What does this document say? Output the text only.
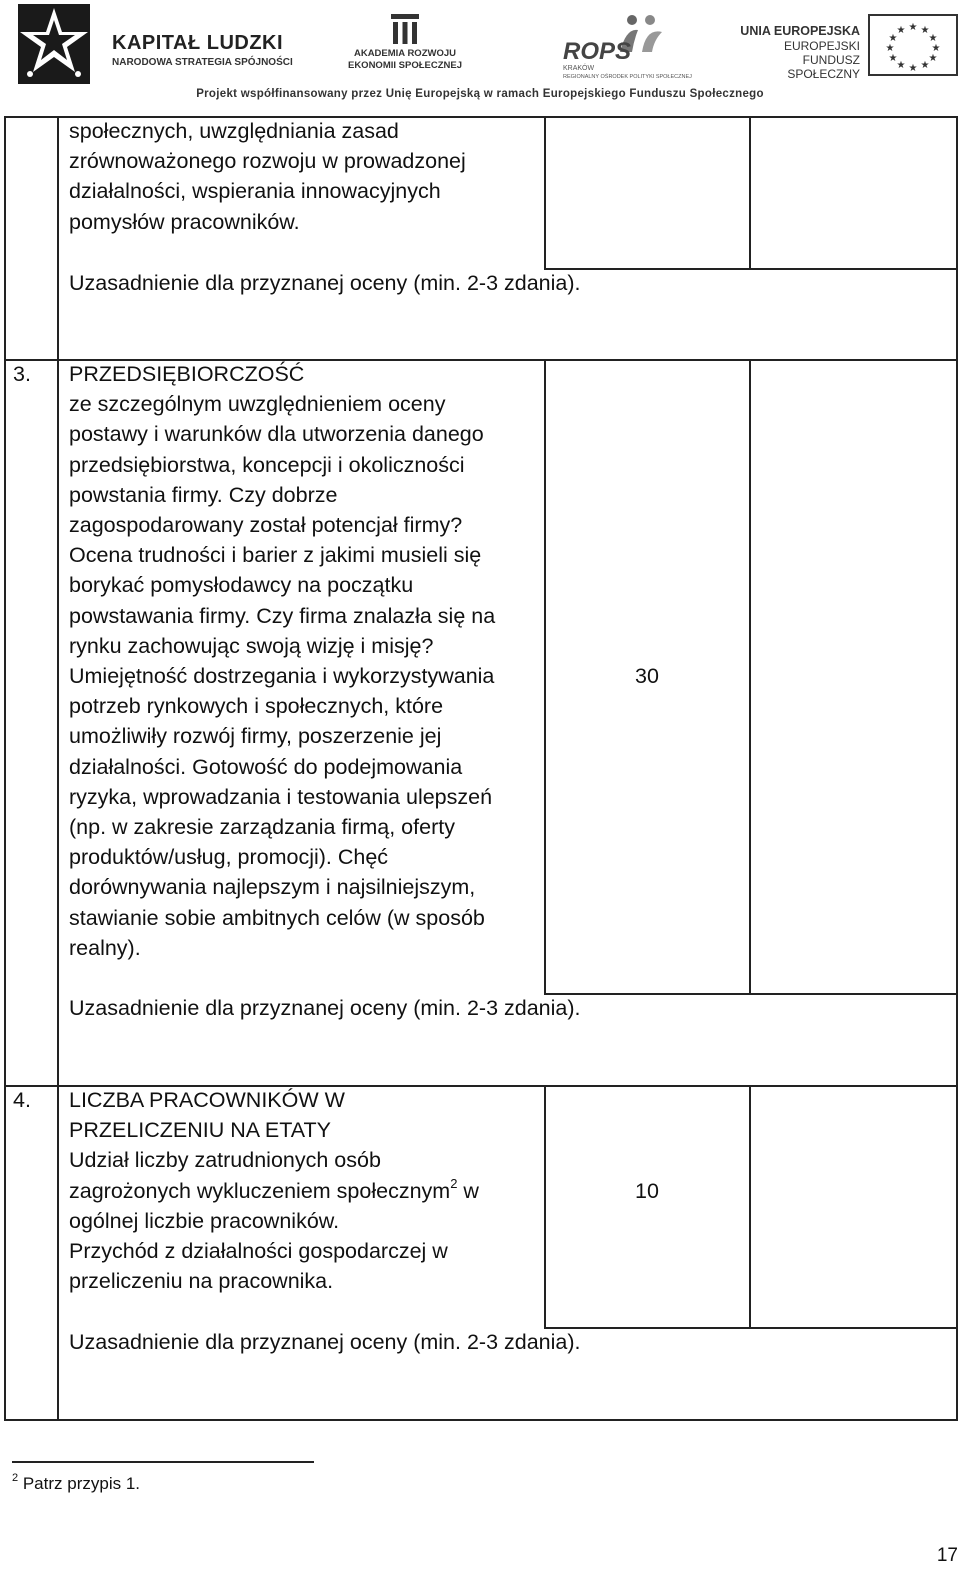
KAPITAŁ LUDZKI
NARODOWA STRATEGIA SPÓJNOŚCI
AKADEMIA ROZWOJU
EKONOMII SPOŁECZNEJ
ROPS
KRAKÓW
REGIONALNY OŚRODEK POLITYKI SPOŁECZNEJ
UNIA EUROPEJSKA
EUROPEJSKI
FUNDUSZ SPOŁECZNY
★ ★
★
★
★
★
★
★
★
★
★
★
Projekt współfinansowany przez Unię Europejską w ramach Europejskiego Funduszu Społecznego
społecznych, uwzględniania zasad
zrównoważonego rozwoju w prowadzonej
działalności, wspierania innowacyjnych
pomysłów pracowników.
Uzasadnienie dla przyznanej oceny (min. 2-3 zdania).
3. PRZEDSIĘBIORCZOŚĆ
ze szczególnym uwzględnieniem oceny
postawy i warunków dla utworzenia danego
przedsiębiorstwa, koncepcji i okoliczności
powstania firmy. Czy dobrze
zagospodarowany został potencjał firmy?
Ocena trudności i barier z jakimi musieli się
borykać pomysłodawcy na początku
powstawania firmy. Czy firma znalazła się na
rynku zachowując swoją wizję i misję?
Umiejętność dostrzegania i wykorzystywania
potrzeb rynkowych i społecznych, które
umożliwiły rozwój firmy, poszerzenie jej
działalności. Gotowość do podejmowania
ryzyka, wprowadzania i testowania ulepszeń
(np. w zakresie zarządzania firmą, oferty
produktów/usług, promocji). Chęć
dorównywania najlepszym i najsilniejszym,
stawianie sobie ambitnych celów (w sposób
realny).
30
Uzasadnienie dla przyznanej oceny (min. 2-3 zdania).
4. LICZBA PRACOWNIKÓW W
PRZELICZENIU NA ETATY
Udział liczby zatrudnionych osób
zagrożonych wykluczeniem społecznym$^2$ w
ogólnej liczbie pracowników.
Przychód z działalności gospodarczej w
przeliczeniu na pracownika.
10
Uzasadnienie dla przyznanej oceny (min. 2-3 zdania).
$^2$ Patrz przypis 1.
17
